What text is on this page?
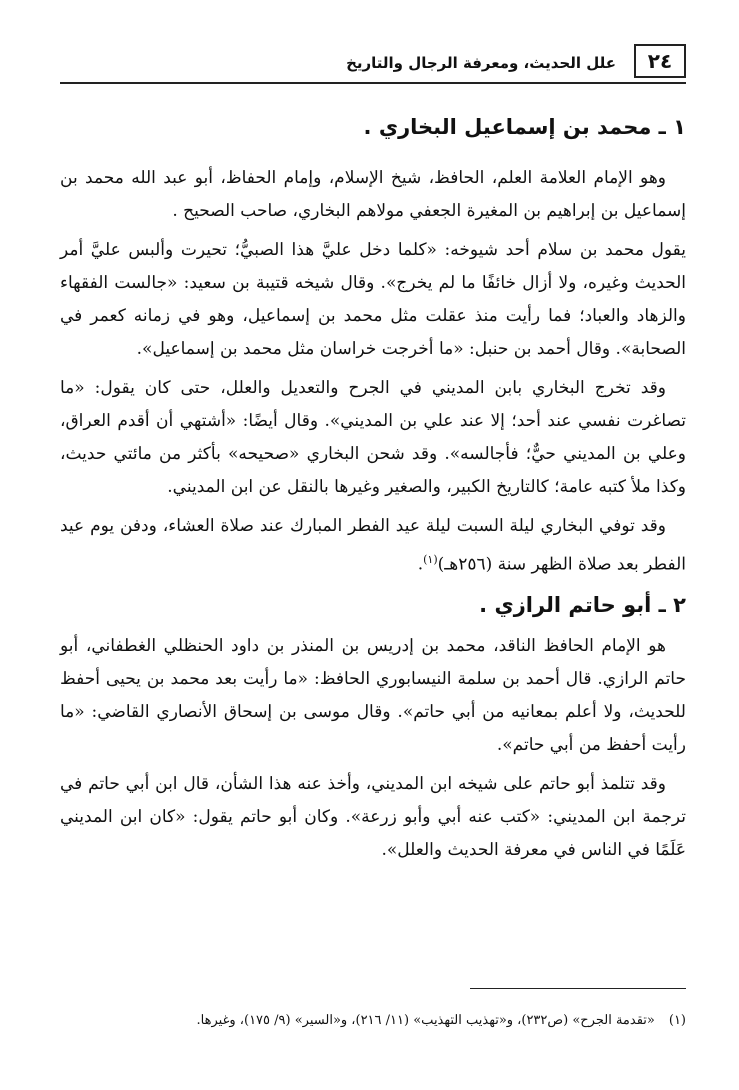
٢٤
علل الحديث، ومعرفة الرجال والتاريخ
١ ـ محمد بن إسماعيل البخاري .

وهو الإمام العلامة العلم، الحافظ، شيخ الإسلام، وإمام الحفاظ، أبو عبد الله محمد بن إسماعيل بن إبراهيم بن المغيرة الجعفي مولاهم البخاري، صاحب الصحيح .

يقول محمد بن سلام أحد شيوخه: «كلما دخل عليَّ هذا الصبيُّ؛ تحيرت وألبس عليَّ أمر الحديث وغيره، ولا أزال خائفًا ما لم يخرج». وقال شيخه قتيبة بن سعيد: «جالست الفقهاء والزهاد والعباد؛ فما رأيت منذ عقلت مثل محمد بن إسماعيل، وهو في زمانه كعمر في الصحابة». وقال أحمد بن حنبل: «ما أخرجت خراسان مثل محمد بن إسماعيل».

وقد تخرج البخاري بابن المديني في الجرح والتعديل والعلل، حتى كان يقول: «ما تصاغرت نفسي عند أحد؛ إلا عند علي بن المديني». وقال أيضًا: «أشتهي أن أقدم العراق، وعلي بن المديني حيٌّ؛ فأجالسه». وقد شحن البخاري «صحيحه» بأكثر من مائتي حديث، وكذا ملأ كتبه عامة؛ كالتاريخ الكبير، والصغير وغيرها بالنقل عن ابن المديني.

وقد توفي البخاري ليلة السبت ليلة عيد الفطر المبارك عند صلاة العشاء، ودفن يوم عيد الفطر بعد صلاة الظهر سنة (٢٥٦هـ)$^{(١)}$.

٢ ـ أبو حاتم الرازي .

هو الإمام الحافظ الناقد، محمد بن إدريس بن المنذر بن داود الحنظلي الغطفاني، أبو حاتم الرازي. قال أحمد بن سلمة النيسابوري الحافظ: «ما رأيت بعد محمد بن يحيى أحفظ للحديث، ولا أعلم بمعانيه من أبي حاتم». وقال موسى بن إسحاق الأنصاري القاضي: «ما رأيت أحفظ من أبي حاتم».

وقد تتلمذ أبو حاتم على شيخه ابن المديني، وأخذ عنه هذا الشأن، قال ابن أبي حاتم في ترجمة ابن المديني: «كتب عنه أبي وأبو زرعة». وكان أبو حاتم يقول: «كان ابن المديني عَلَمًا في الناس في معرفة الحديث والعلل».

(١)«تقدمة الجرح» (ص٢٣٢)، و«تهذيب التهذيب» (١١/ ٢١٦)، و«السير» (٩/ ١٧٥)، وغيرها.
